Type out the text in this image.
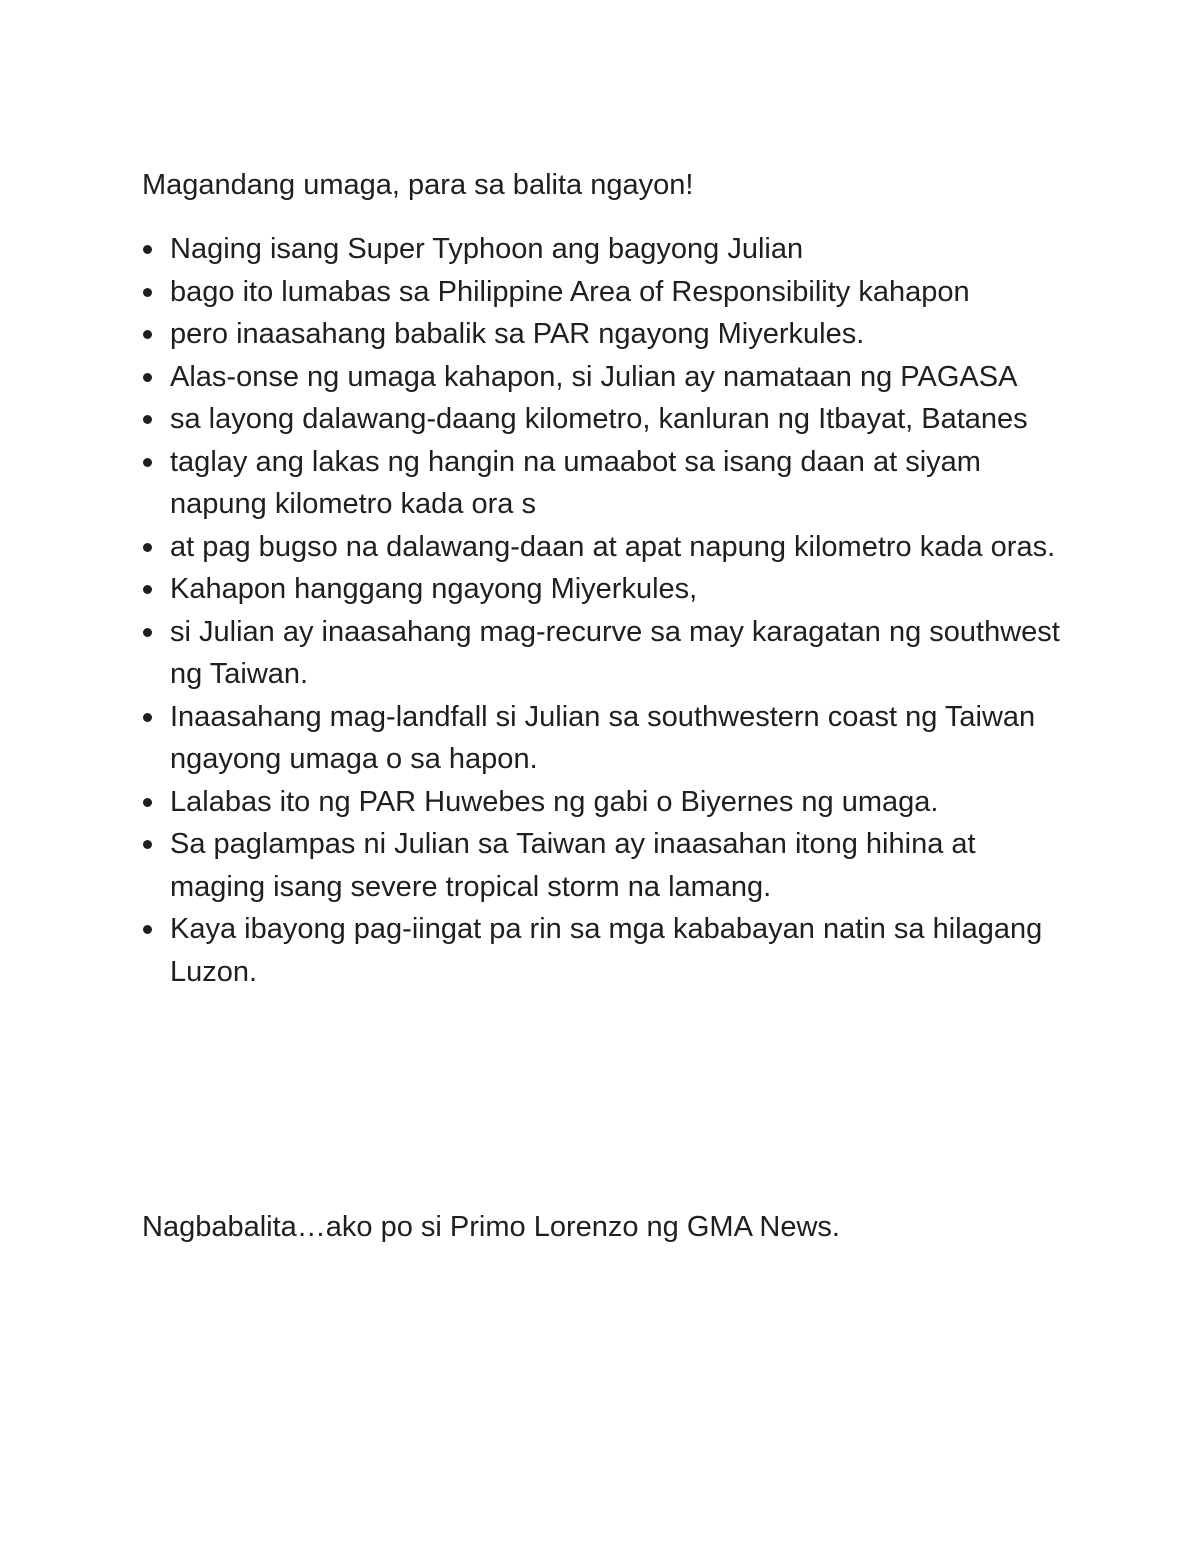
Magandang umaga, para sa balita ngayon!

Naging isang Super Typhoon ang bagyong Julian
bago ito lumabas sa Philippine Area of Responsibility kahapon
pero inaasahang babalik sa PAR ngayong Miyerkules.
Alas-onse ng umaga kahapon, si Julian ay namataan ng PAGASA
sa layong dalawang-daang kilometro, kanluran ng Itbayat, Batanes
taglay ang lakas ng hangin na umaabot sa isang daan at siyam napung kilometro kada ora s
at pag bugso na dalawang-daan at apat napung kilometro kada oras.
Kahapon hanggang ngayong Miyerkules,
si Julian ay inaasahang mag-recurve sa may karagatan ng southwest ng Taiwan.
Inaasahang mag-landfall si Julian sa southwestern coast ng Taiwan ngayong umaga o sa hapon.
Lalabas ito ng PAR Huwebes ng gabi o Biyernes ng umaga.
Sa paglampas ni Julian sa Taiwan ay inaasahan itong hihina at maging isang severe tropical storm na lamang.
Kaya ibayong pag-iingat pa rin sa mga kababayan natin sa hilagang Luzon.

Nagbabalita…ako po si Primo Lorenzo ng GMA News.
